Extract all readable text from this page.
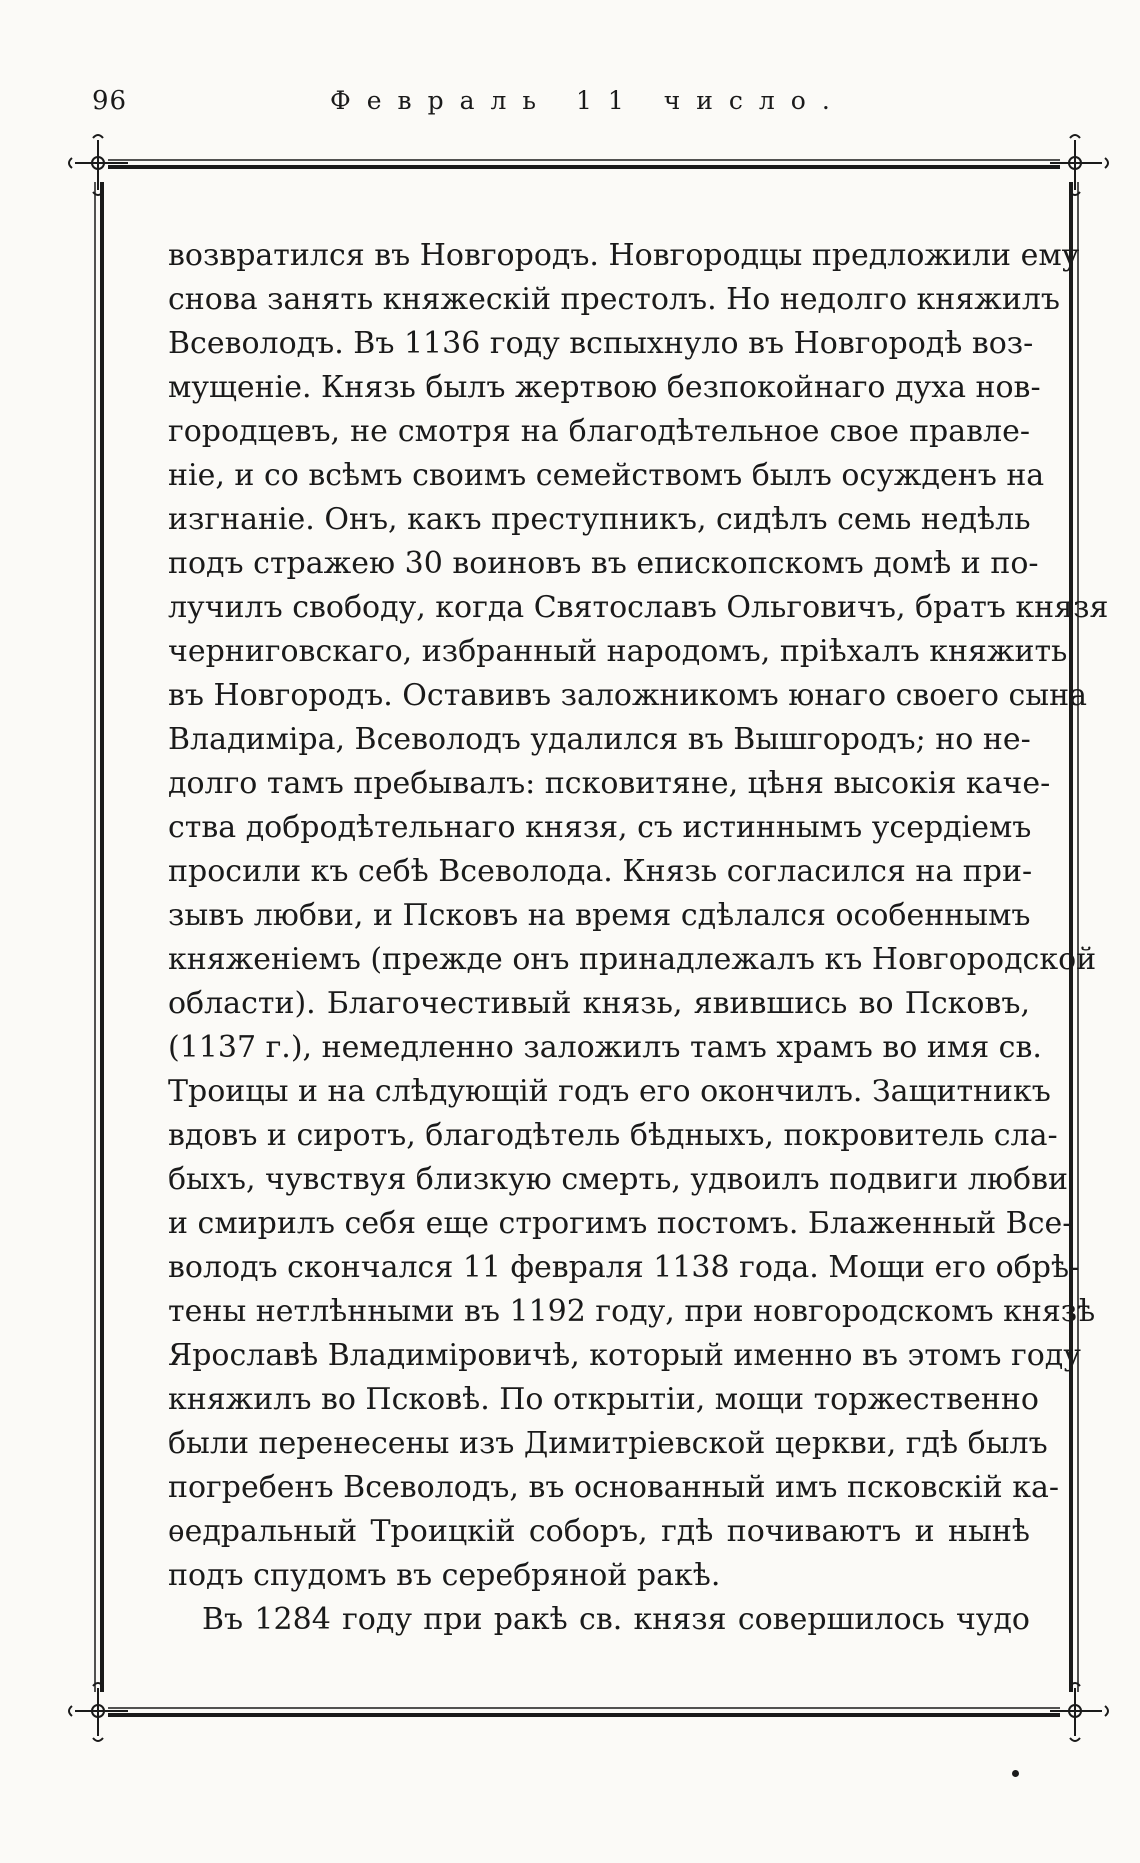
96	Февраль 11 число.
возвратился въ Новгородъ. Новгородцы предложили ему
снова занять княжескій престолъ. Но недолго княжилъ
Всеволодъ. Въ 1136 году вспыхнуло въ Новгородѣ воз-
мущеніе. Князь былъ жертвою безпокойнаго духа нов-
городцевъ, не смотря на благодѣтельное свое правле-
ніе, и со всѣмъ своимъ семействомъ былъ осужденъ на
изгнаніе. Онъ, какъ преступникъ, сидѣлъ семь недѣль
подъ стражею 30 воиновъ въ епископскомъ домѣ и по-
лучилъ свободу, когда Святославъ Ольговичъ, братъ князя
черниговскаго, избранный народомъ, пріѣхалъ княжить
въ Новгородъ. Оставивъ заложникомъ юнаго своего сына
Владиміра, Всеволодъ удалился въ Вышгородъ; но не-
долго тамъ пребывалъ: псковитяне, цѣня высокія каче-
ства добродѣтельнаго князя, съ истиннымъ усердіемъ
просили къ себѣ Всеволода. Князь согласился на при-
зывъ любви, и Псковъ на время сдѣлался особеннымъ
княженіемъ (прежде онъ принадлежалъ къ Новгородской
области). Благочестивый князь, явившись во Псковъ,
(1137 г.), немедленно заложилъ тамъ храмъ во имя св.
Троицы и на слѣдующій годъ его окончилъ. Защитникъ
вдовъ и сиротъ, благодѣтель бѣдныхъ, покровитель сла-
быхъ, чувствуя близкую смерть, удвоилъ подвиги любви
и смирилъ себя еще строгимъ постомъ. Блаженный Все-
володъ скончался 11 февраля 1138 года. Мощи его обрѣ-
тены нетлѣнными въ 1192 году, при новгородскомъ князѣ
Ярославѣ Владиміровичѣ, который именно въ этомъ году
княжилъ во Псковѣ. По открытіи, мощи торжественно
были перенесены изъ Димитріевской церкви, гдѣ былъ
погребенъ Всеволодъ, въ основанный имъ псковскій ка-
ѳедральный Троицкій соборъ, гдѣ почиваютъ и нынѣ
подъ спудомъ въ серебряной ракѣ.
Въ 1284 году при ракѣ св. князя совершилось чудо
